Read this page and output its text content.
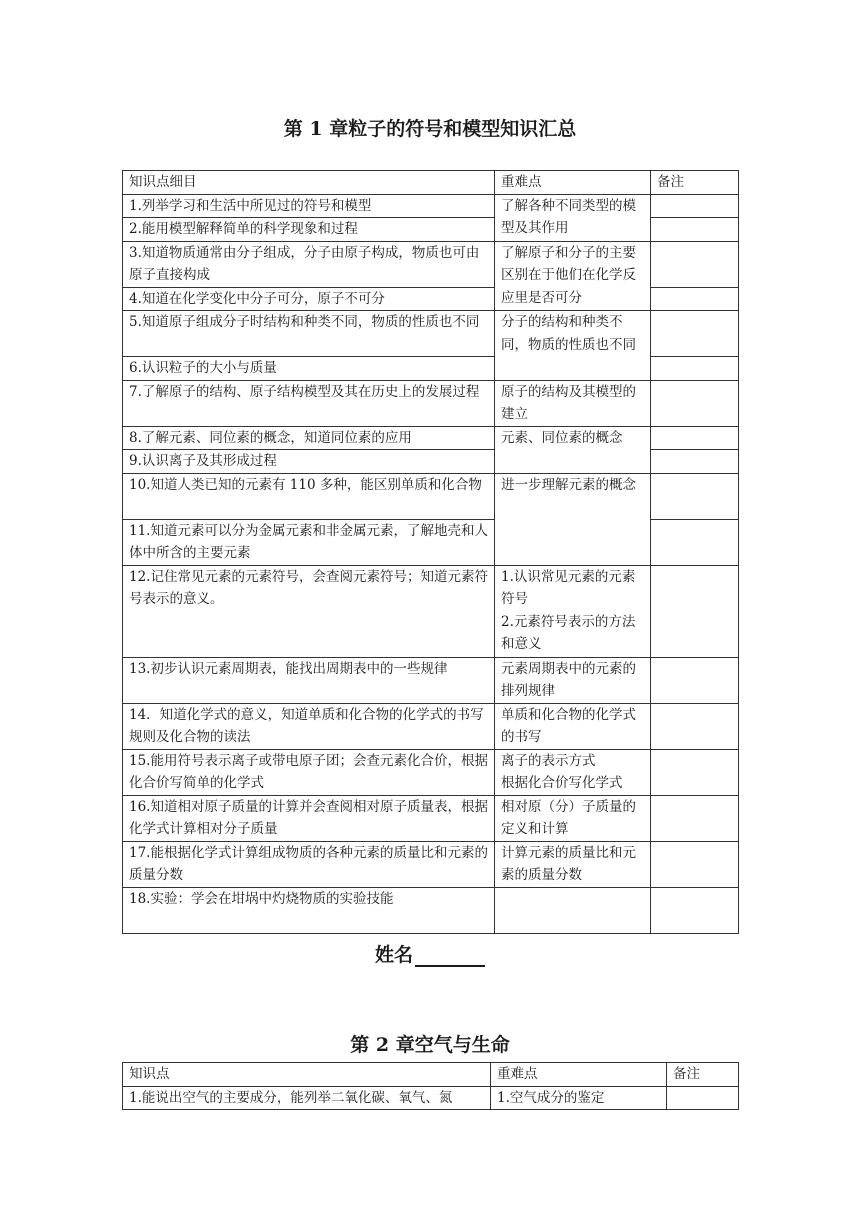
第 1 章粒子的符号和模型知识汇总
知识点细目	重难点	备注
1.列举学习和生活中所见过的符号和模型	了解各种不同类型的模型及其作用	
2.能用模型解释简单的科学现象和过程		
3.知道物质通常由分子组成，分子由原子构成，物质也可由原子直接构成	了解原子和分子的主要区别在于他们在化学反应里是否可分	
4.知道在化学变化中分子可分，原子不可分		
5.知道原子组成分子时结构和种类不同，物质的性质也不同	分子的结构和种类不同，物质的性质也不同	
6.认识粒子的大小与质量		
7.了解原子的结构、原子结构模型及其在历史上的发展过程	原子的结构及其模型的建立	
8.了解元素、同位素的概念，知道同位素的应用	元素、同位素的概念	
9.认识离子及其形成过程		
10.知道人类已知的元素有 110 多种，能区别单质和化合物	进一步理解元素的概念	
11.知道元素可以分为金属元素和非金属元素，了解地壳和人体中所含的主要元素		
12.记住常见元素的元素符号，会查阅元素符号；知道元素符号表示的意义。	1.认识常见元素的元素符号
2.元素符号表示的方法和意义	

13.初步认识元素周期表，能找出周期表中的一些规律	元素周期表中的元素的排列规律	
14．知道化学式的意义，知道单质和化合物的化学式的书写规则及化合物的读法	单质和化合物的化学式的书写	
15.能用符号表示离子或带电原子团；会查元素化合价，根据化合价写简单的化学式	离子的表示方式
根据化合价写化学式	

16.知道相对原子质量的计算并会查阅相对原子质量表，根据化学式计算相对分子质量	相对原（分）子质量的定义和计算	
17.能根据化学式计算组成物质的各种元素的质量比和元素的质量分数	计算元素的质量比和元素的质量分数	
18.实验：学会在坩埚中灼烧物质的实验技能		
姓名
第 2 章空气与生命
知识点	重难点	备注
1.能说出空气的主要成分，能列举二氧化碳、氧气、氮	1.空气成分的鉴定	
